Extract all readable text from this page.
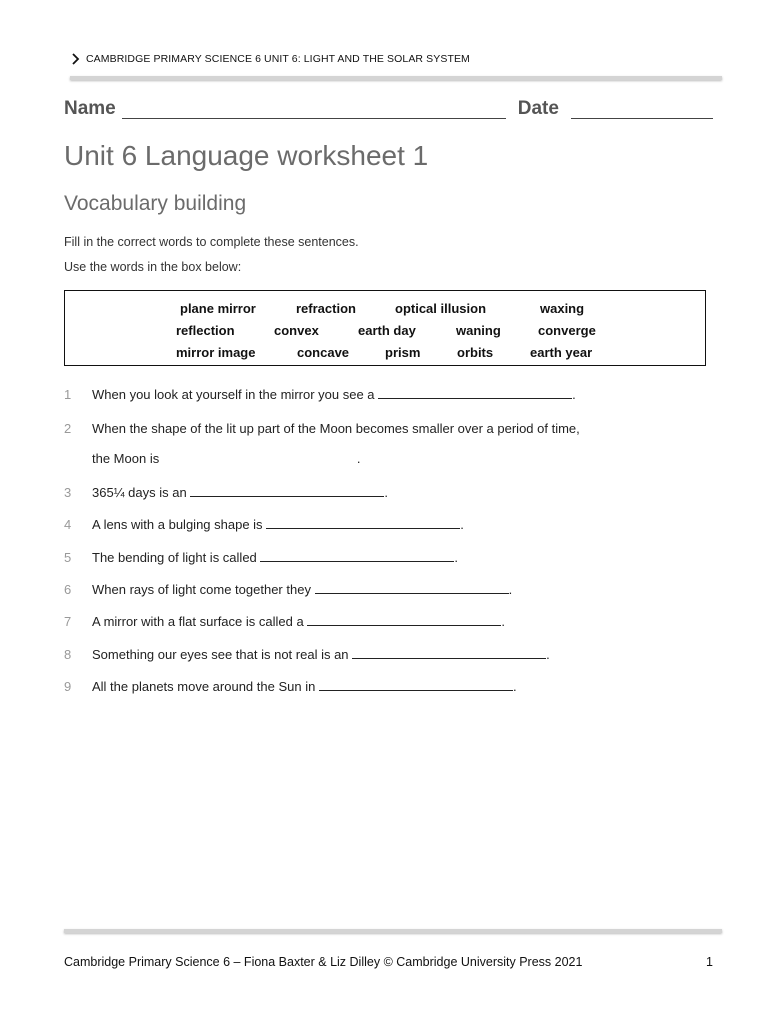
CAMBRIDGE PRIMARY SCIENCE 6 UNIT 6: LIGHT AND THE SOLAR SYSTEM
Name	Date
Unit 6 Language worksheet 1
Vocabulary building
Fill in the correct words to complete these sentences.
Use the words in the box below:
plane mirror	refraction	optical illusion	waxing
reflection	convex	earth day	waning	converge
mirror image	concave	prism	orbits	earth year
1 When you look at yourself in the mirror you see a	.
2 When the shape of the lit up part of the Moon becomes smaller over a period of time,
the Moon is	.
3 365¼ days is an	.
4 A lens with a bulging shape is	.
5 The bending of light is called	.
6 When rays of light come together they	.
7 A mirror with a flat surface is called a	.
8 Something our eyes see that is not real is an	.
9 All the planets move around the Sun in	.
Cambridge Primary Science 6 – Fiona Baxter & Liz Dilley © Cambridge University Press 2021	1
